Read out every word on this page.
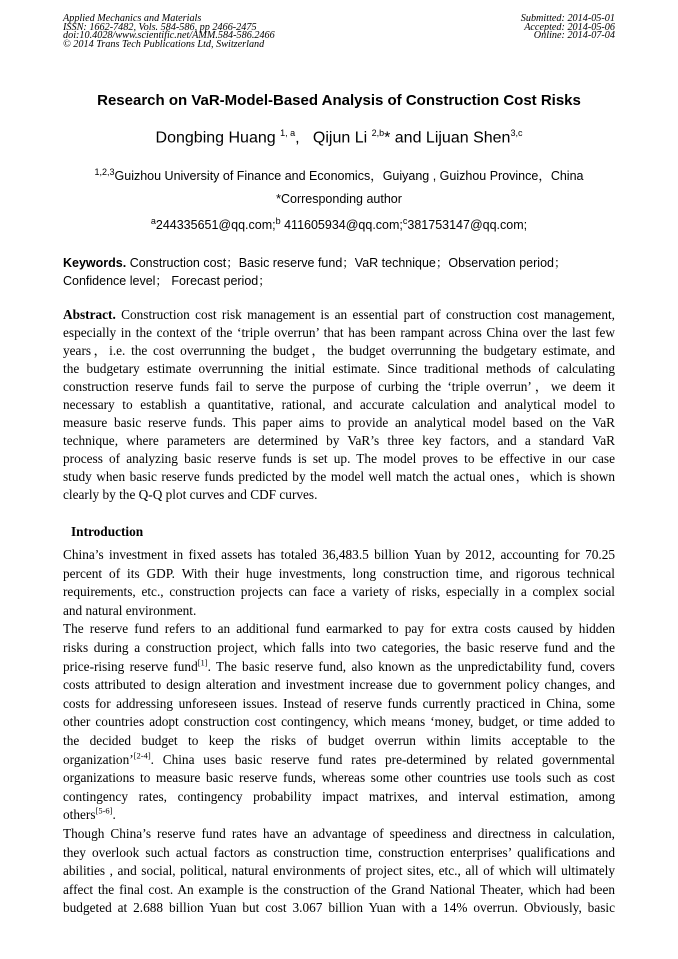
Applied Mechanics and Materials
ISSN: 1662-7482, Vols. 584-586, pp 2466-2475
doi:10.4028/www.scientific.net/AMM.584-586.2466
© 2014 Trans Tech Publications Ltd, Switzerland
Submitted: 2014-05-01
Accepted: 2014-05-06
Online: 2014-07-04
Research on VaR-Model-Based Analysis of Construction Cost Risks
Dongbing Huang $^{1, a}$,   Qijun Li $^{2,b}$* and Lijuan Shen$^{3,c}$
$^{1,2,3}$Guizhou University of Finance and Economics，Guiyang , Guizhou Province，China
*Corresponding author
$^a$244335651@qq.com;$^b$ 411605934@qq.com;$^c$381753147@qq.com;
Keywords. Construction cost；Basic reserve fund；VaR technique；Observation period；Confidence level； Forecast period；
Abstract. Construction cost risk management is an essential part of construction cost management,
especially in the context of the ‘triple overrun’ that has been rampant across China over the last few
years，i.e. the cost overrunning the budget，the budget overrunning the budgetary estimate, and
the budgetary estimate overrunning the initial estimate. Since traditional methods of calculating
construction reserve funds fail to serve the purpose of curbing the ‘triple overrun’，we deem it
necessary to establish a quantitative, rational, and accurate calculation and analytical model to
measure basic reserve funds. This paper aims to provide an analytical model based on the VaR
technique, where parameters are determined by VaR’s three key factors, and a standard VaR
process of analyzing basic reserve funds is set up. The model proves to be effective in our case
study when basic reserve funds predicted by the model well match the actual ones，which is shown
clearly by the Q-Q plot curves and CDF curves.
Introduction
China’s investment in fixed assets has totaled 36,483.5 billion Yuan by 2012, accounting for 70.25
percent of its GDP. With their huge investments, long construction time, and rigorous technical
requirements, etc., construction projects can face a variety of risks, especially in a complex social
and natural environment.
The reserve fund refers to an additional fund earmarked to pay for extra costs caused by hidden
risks during a construction project, which falls into two categories, the basic reserve fund and the
price-rising reserve fund[1]. The basic reserve fund, also known as the unpredictability fund, covers
costs attributed to design alteration and investment increase due to government policy changes, and
costs for addressing unforeseen issues. Instead of reserve funds currently practiced in China, some
other countries adopt construction cost contingency, which means ‘money, budget, or time added to
the decided budget to keep the risks of budget overrun within limits acceptable to the
organization’[2-4]. China uses basic reserve fund rates pre-determined by related governmental
organizations to measure basic reserve funds, whereas some other countries use tools such as cost
contingency rates, contingency probability impact matrixes, and interval estimation, among
others[5-6].
Though China’s reserve fund rates have an advantage of speediness and directness in calculation,
they overlook such actual factors as construction time, construction enterprises’ qualifications and
abilities , and social, political, natural environments of project sites, etc., all of which will ultimately
affect the final cost. An example is the construction of the Grand National Theater, which had been
budgeted at 2.688 billion Yuan but cost 3.067 billion Yuan with a 14% overrun. Obviously, basic
